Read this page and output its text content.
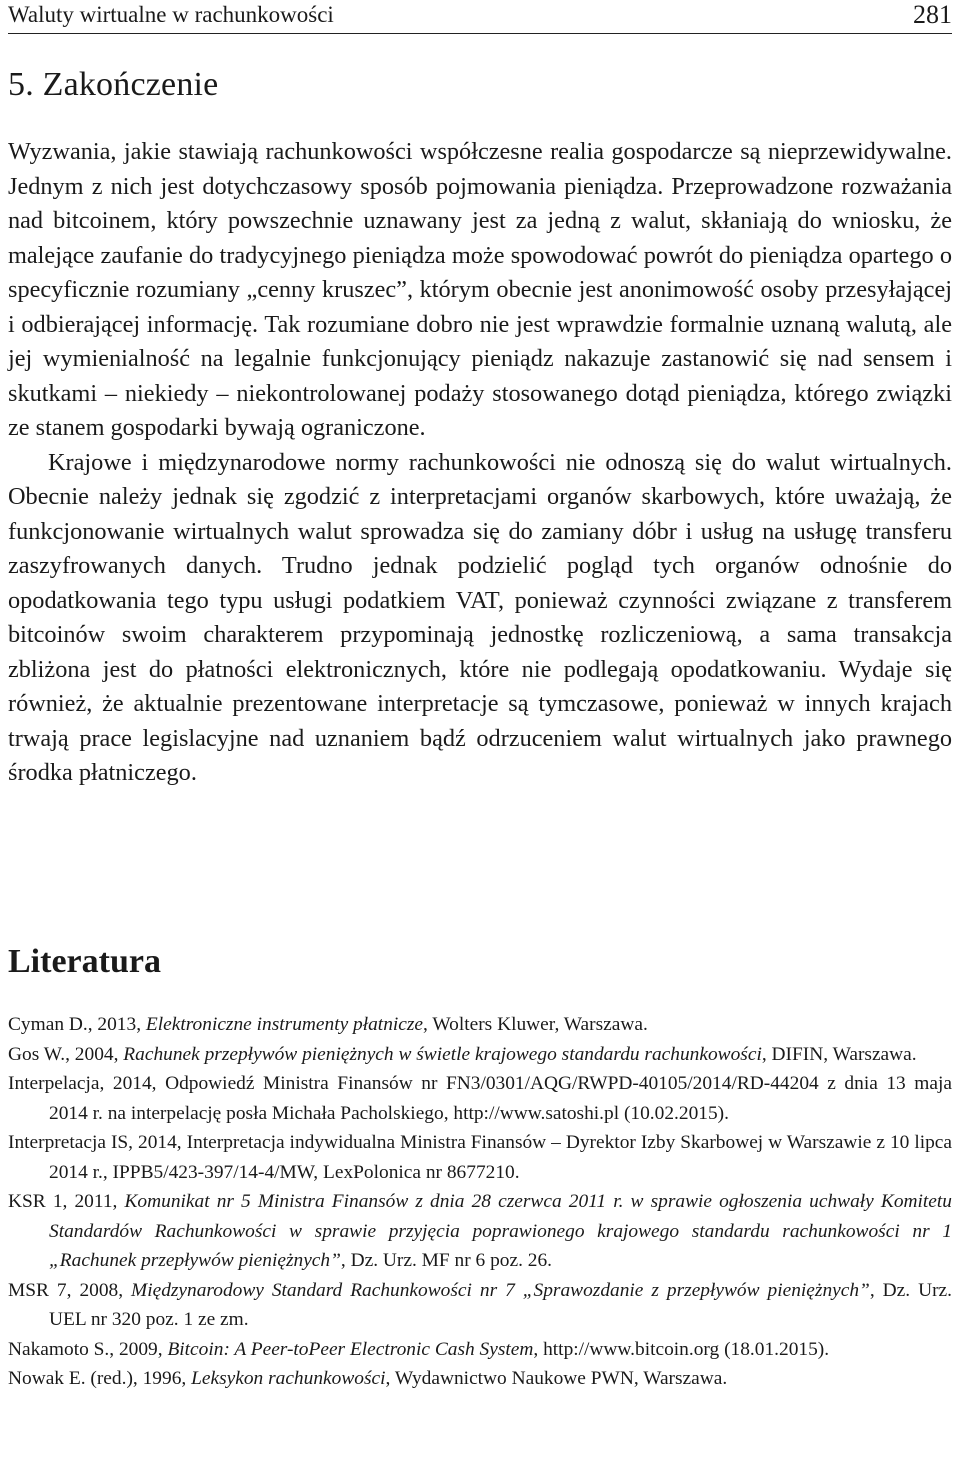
Waluty wirtualne w rachunkowości	281
5. Zakończenie

Wyzwania, jakie stawiają rachunkowości współczesne realia gospodarcze są nieprzewidywalne. Jednym z nich jest dotychczasowy sposób pojmowania pieniądza. Przeprowadzone rozważania nad bitcoinem, który powszechnie uznawany jest za jedną z walut, skłaniają do wniosku, że malejące zaufanie do tradycyjnego pieniądza może spowodować powrót do pieniądza opartego o specyficznie rozumiany „cenny kruszec”, którym obecnie jest anonimowość osoby przesyłającej i odbierającej informację. Tak rozumiane dobro nie jest wprawdzie formalnie uznaną walutą, ale jej wymienialność na legalnie funkcjonujący pieniądz nakazuje zastanowić się nad sensem i skutkami – niekiedy – niekontrolowanej podaży stosowanego dotąd pieniądza, którego związki ze stanem gospodarki bywają ograniczone.

Krajowe i międzynarodowe normy rachunkowości nie odnoszą się do walut wirtualnych. Obecnie należy jednak się zgodzić z interpretacjami organów skarbowych, które uważają, że funkcjonowanie wirtualnych walut sprowadza się do zamiany dóbr i usług na usługę transferu zaszyfrowanych danych. Trudno jednak podzielić pogląd tych organów odnośnie do opodatkowania tego typu usługi podatkiem VAT, ponieważ czynności związane z transferem bitcoinów swoim charakterem przypominają jednostkę rozliczeniową, a sama transakcja zbliżona jest do płatności elektronicznych, które nie podlegają opodatkowaniu. Wydaje się również, że aktualnie prezentowane interpretacje są tymczasowe, ponieważ w innych krajach trwają prace legislacyjne nad uznaniem bądź odrzuceniem walut wirtualnych jako prawnego środka płatniczego.

Literatura

Cyman D., 2013, Elektroniczne instrumenty płatnicze, Wolters Kluwer, Warszawa.

Gos W., 2004, Rachunek przepływów pieniężnych w świetle krajowego standardu rachunkowości, DIFIN, Warszawa.

Interpelacja, 2014, Odpowiedź Ministra Finansów nr FN3/0301/AQG/RWPD-40105/2014/RD-44204 z dnia 13 maja 2014 r. na interpelację posła Michała Pacholskiego, http://www.satoshi.pl (10.02.2015).

Interpretacja IS, 2014, Interpretacja indywidualna Ministra Finansów – Dyrektor Izby Skarbowej w Warszawie z 10 lipca 2014 r., IPPB5/423-397/14-4/MW, LexPolonica nr 8677210.

KSR 1, 2011, Komunikat nr 5 Ministra Finansów z dnia 28 czerwca 2011 r. w sprawie ogłoszenia uchwały Komitetu Standardów Rachunkowości w sprawie przyjęcia poprawionego krajowego standardu rachunkowości nr 1 „Rachunek przepływów pieniężnych”, Dz. Urz. MF nr 6 poz. 26.

MSR 7, 2008, Międzynarodowy Standard Rachunkowości nr 7 „Sprawozdanie z przepływów pieniężnych”, Dz. Urz. UEL nr 320 poz. 1 ze zm.

Nakamoto S., 2009, Bitcoin: A Peer-toPeer Electronic Cash System, http://www.bitcoin.org (18.01.2015).

Nowak E. (red.), 1996, Leksykon rachunkowości, Wydawnictwo Naukowe PWN, Warszawa.
